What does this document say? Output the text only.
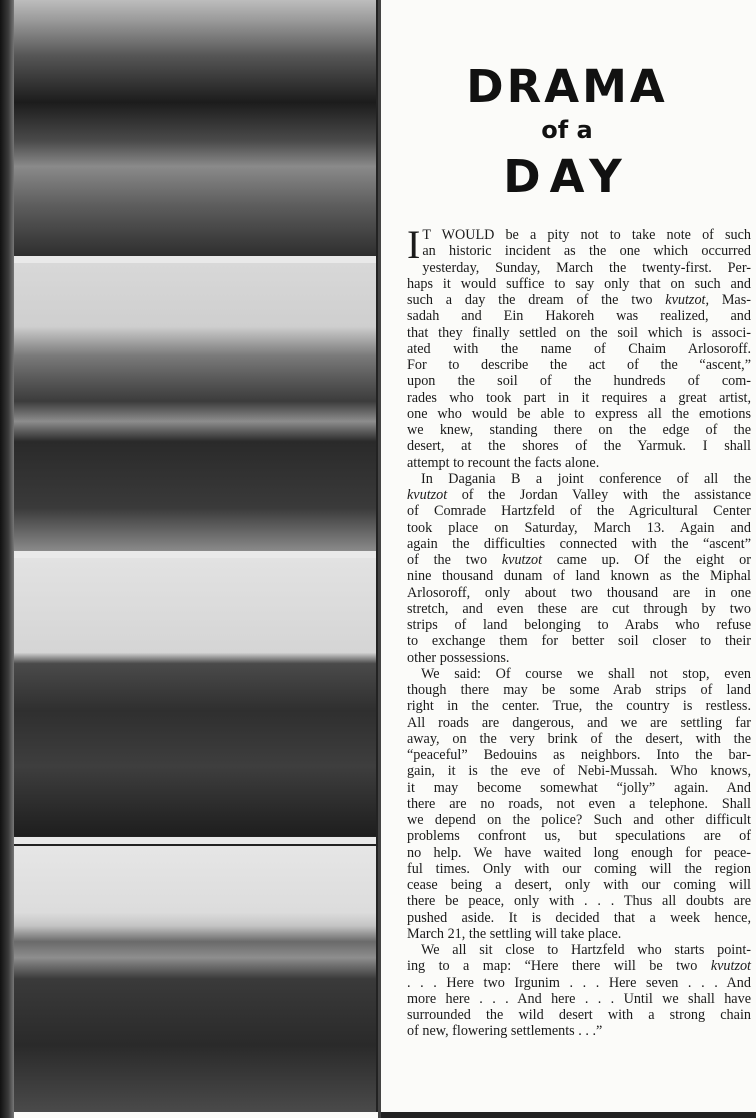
DRAMA
of a
DAY
I T WOULD be a pity not to take note of such
an historic incident as the one which occurred
yesterday, Sunday, March the twenty-first. Per-
haps it would suffice to say only that on such and
such a day the dream of the two kvutzot, Mas-
sadah and Ein Hakoreh was realized, and
that they finally settled on the soil which is associ-
ated with the name of Chaim Arlosoroff.
For to describe the act of the “ascent,”
upon the soil of the hundreds of com-
rades who took part in it requires a great artist,
one who would be able to express all the emotions
we knew, standing there on the edge of the
desert, at the shores of the Yarmuk. I shall
attempt to recount the facts alone.
In Dagania B a joint conference of all the
kvutzot of the Jordan Valley with the assistance
of Comrade Hartzfeld of the Agricultural Center
took place on Saturday, March 13. Again and
again the difficulties connected with the “ascent”
of the two kvutzot came up. Of the eight or
nine thousand dunam of land known as the Miphal
Arlosoroff, only about two thousand are in one
stretch, and even these are cut through by two
strips of land belonging to Arabs who refuse
to exchange them for better soil closer to their
other possessions.
We said: Of course we shall not stop, even
though there may be some Arab strips of land
right in the center. True, the country is restless.
All roads are dangerous, and we are settling far
away, on the very brink of the desert, with the
“peaceful” Bedouins as neighbors. Into the bar-
gain, it is the eve of Nebi-Mussah. Who knows,
it may become somewhat “jolly” again. And
there are no roads, not even a telephone. Shall
we depend on the police? Such and other difficult
problems confront us, but speculations are of
no help. We have waited long enough for peace-
ful times. Only with our coming will the region
cease being a desert, only with our coming will
there be peace, only with . . . Thus all doubts are
pushed aside. It is decided that a week hence,
March 21, the settling will take place.
We all sit close to Hartzfeld who starts point-
ing to a map: “Here there will be two kvutzot
. . . Here two Irgunim . . . Here seven . . . And
more here . . . And here . . . Until we shall have
surrounded the wild desert with a strong chain
of new, flowering settlements . . .”
